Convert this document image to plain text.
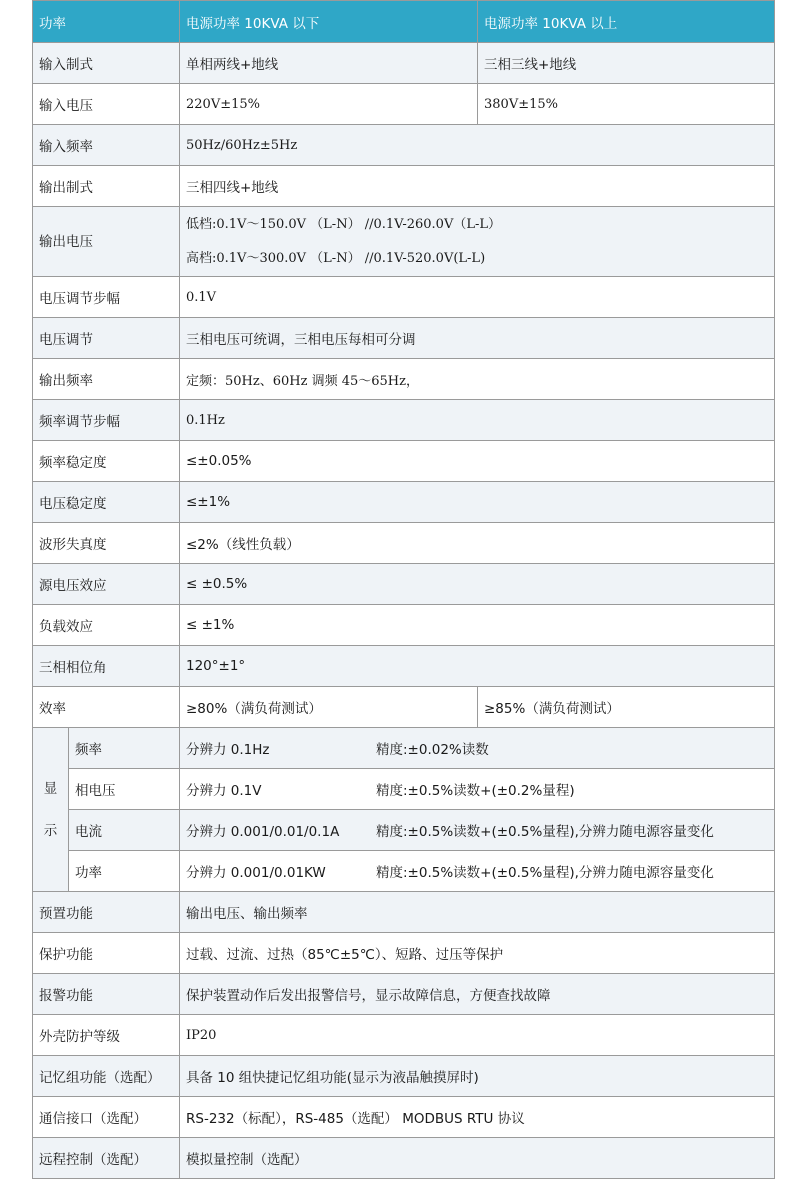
功率		电源功率 10KVA 以下	电源功率 10KVA 以上
输入制式		单相两线+地线	三相三线+地线
输入电压		220V±15%	380V±15%
输入频率		50Hz/60Hz±5Hz	
输出制式		三相四线+地线	
输出电压		低档:0.1V～150.0V （L-N） //0.1V-260.0V（L-L）
高档:0.1V～300.0V （L-N） //0.1V-520.0V(L-L)	
电压调节步幅		0.1V	
电压调节		三相电压可统调，三相电压每相可分调	
输出频率		定频：50Hz、60Hz 调频 45～65Hz，	
频率调节步幅		0.1Hz	
频率稳定度		≤±0.05%	
电压稳定度		≤±1%	
波形失真度		≤2%（线性负载）	
源电压效应		≤ ±0.5%	
负载效应		≤ ±1%	
三相相位角		120°±1°	
效率		≥80%（满负荷测试）	≥85%（满负荷测试）
显
示	频率	分辨力 0.1Hz 精度:±0.02%读数	
	相电压	分辨力 0.1V 精度:±0.5%读数+(±0.2%量程)	
	电流	分辨力 0.001/0.01/0.1A 精度:±0.5%读数+(±0.5%量程),分辨力随电源容量变化	
	功率	分辨力 0.001/0.01KW 精度:±0.5%读数+(±0.5%量程),分辨力随电源容量变化	
预置功能		输出电压、输出频率	
保护功能		过载、过流、过热（85℃±5℃）、短路、过压等保护	
报警功能		保护装置动作后发出报警信号，显示故障信息，方便查找故障	
外壳防护等级		IP20	
记忆组功能（选配）		具备 10 组快捷记忆组功能(显示为液晶触摸屏时)	
通信接口（选配）		RS-232（标配），RS-485（选配） MODBUS RTU 协议	
远程控制（选配）		模拟量控制（选配）	
